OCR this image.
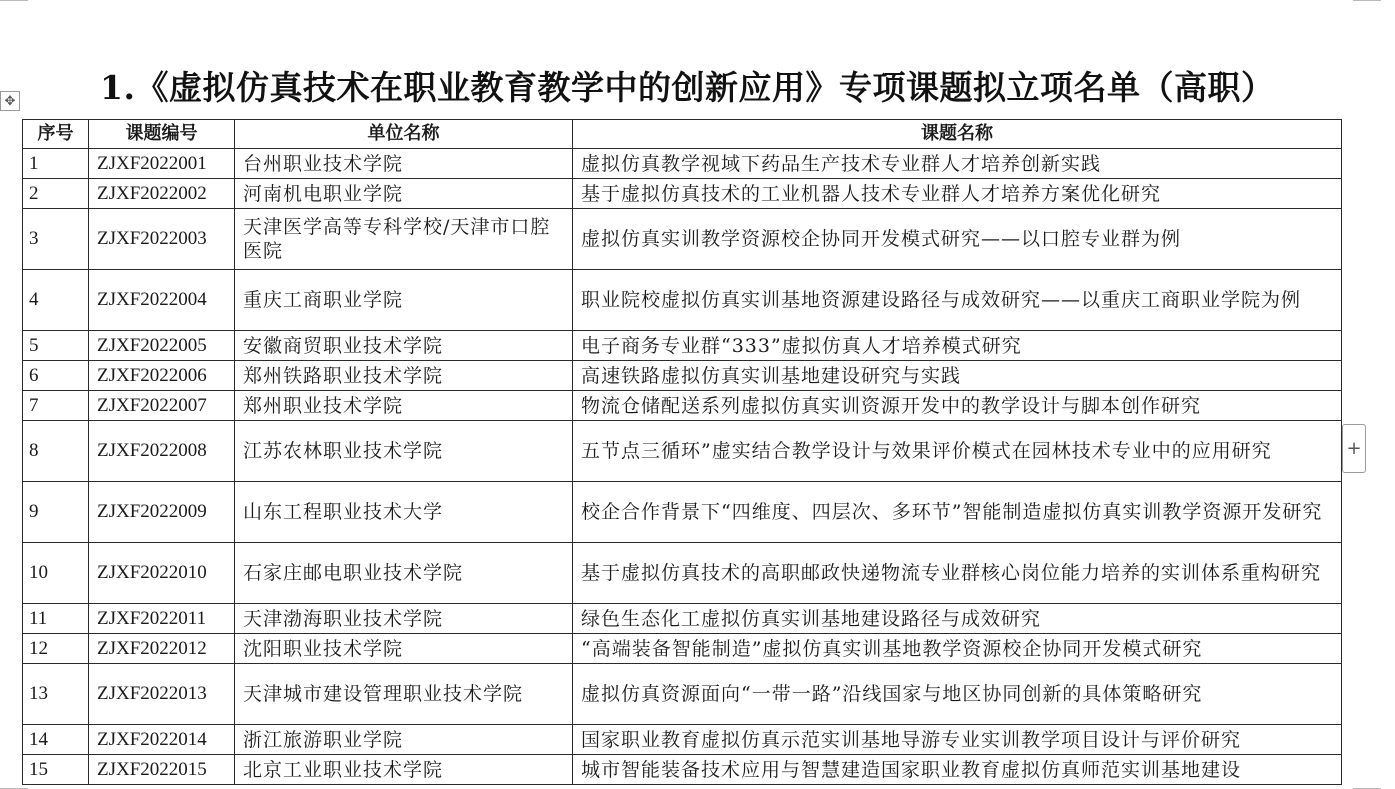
✥	1.《虚拟仿真技术在职业教育教学中的创新应用》专项课题拟立项名单（高职）
序号	课题编号	单位名称	课题名称
1	ZJXF2022001	台州职业技术学院	虚拟仿真教学视域下药品生产技术专业群人才培养创新实践
2	ZJXF2022002	河南机电职业学院	基于虚拟仿真技术的工业机器人技术专业群人才培养方案优化研究
3	ZJXF2022003	天津医学高等专科学校/天津市口腔医院	虚拟仿真实训教学资源校企协同开发模式研究——以口腔专业群为例
4	ZJXF2022004	重庆工商职业学院	职业院校虚拟仿真实训基地资源建设路径与成效研究——以重庆工商职业学院为例
5	ZJXF2022005	安徽商贸职业技术学院	电子商务专业群“333”虚拟仿真人才培养模式研究
6	ZJXF2022006	郑州铁路职业技术学院	高速铁路虚拟仿真实训基地建设研究与实践
7	ZJXF2022007	郑州职业技术学院	物流仓储配送系列虚拟仿真实训资源开发中的教学设计与脚本创作研究
8	ZJXF2022008	江苏农林职业技术学院	五节点三循环”虚实结合教学设计与效果评价模式在园林技术专业中的应用研究
9	ZJXF2022009	山东工程职业技术大学	校企合作背景下“四维度、四层次、多环节”智能制造虚拟仿真实训教学资源开发研究
10	ZJXF2022010	石家庄邮电职业技术学院	基于虚拟仿真技术的高职邮政快递物流专业群核心岗位能力培养的实训体系重构研究
11	ZJXF2022011	天津渤海职业技术学院	绿色生态化工虚拟仿真实训基地建设路径与成效研究
12	ZJXF2022012	沈阳职业技术学院	“高端装备智能制造”虚拟仿真实训基地教学资源校企协同开发模式研究
13	ZJXF2022013	天津城市建设管理职业技术学院	虚拟仿真资源面向“一带一路”沿线国家与地区协同创新的具体策略研究
14	ZJXF2022014	浙江旅游职业学院	国家职业教育虚拟仿真示范实训基地导游专业实训教学项目设计与评价研究
15	ZJXF2022015	北京工业职业技术学院	城市智能装备技术应用与智慧建造国家职业教育虚拟仿真师范实训基地建设
+
